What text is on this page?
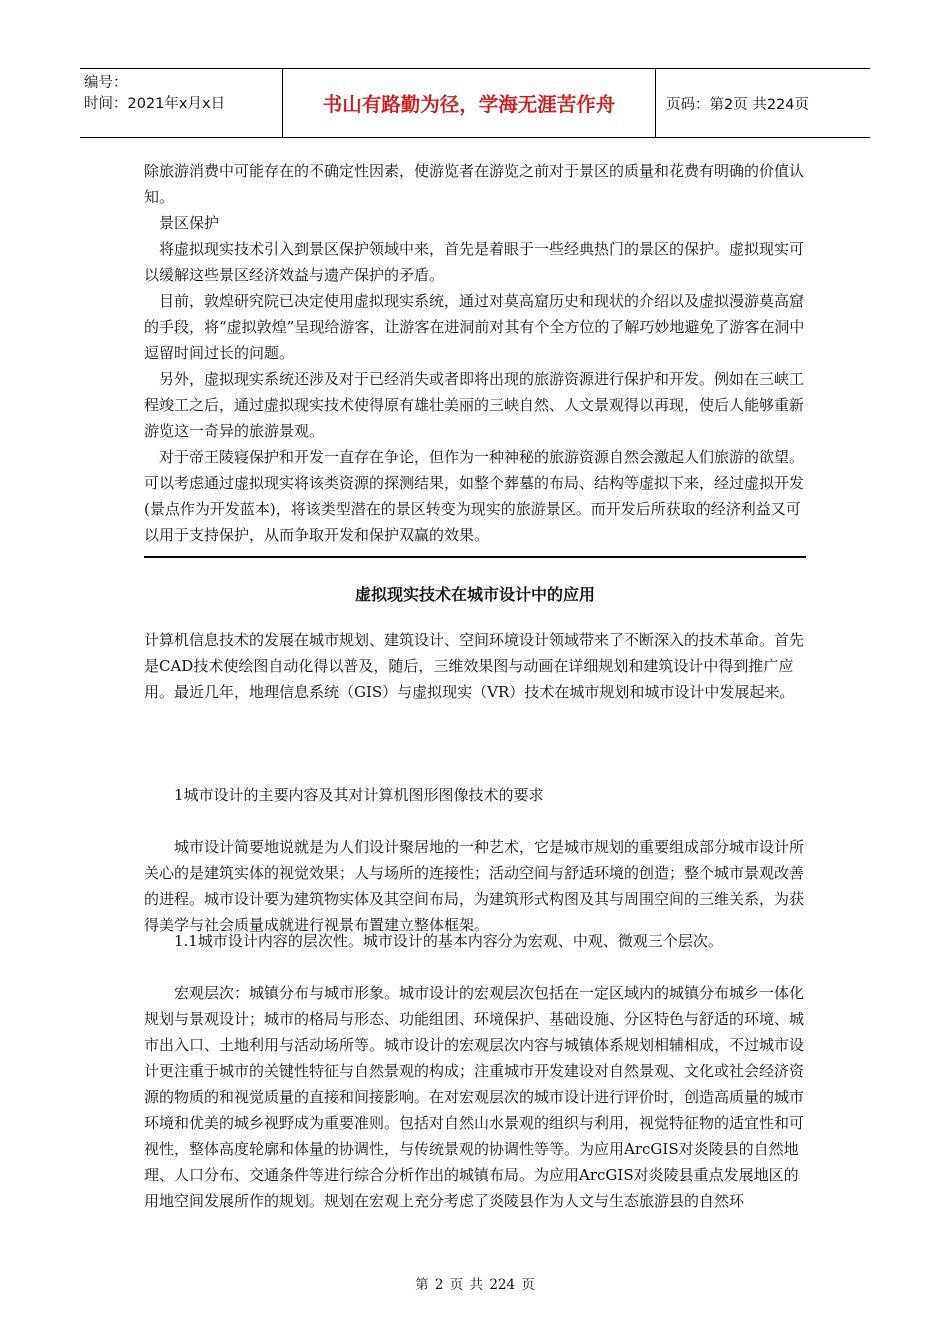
编号：
时间：2021年x月x日	书山有路勤为径，学海无涯苦作舟	页码：第2页 共224页

除旅游消费中可能存在的不确定性因素，使游览者在游览之前对于景区的质量和花费有明确的价值认知。

景区保护

将虚拟现实技术引入到景区保护领域中来，首先是着眼于一些经典热门的景区的保护。虚拟现实可以缓解这些景区经济效益与遗产保护的矛盾。

目前，敦煌研究院已决定使用虚拟现实系统，通过对莫高窟历史和现状的介绍以及虚拟漫游莫高窟的手段，将“虚拟敦煌”呈现给游客，让游客在进洞前对其有个全方位的了解巧妙地避免了游客在洞中逗留时间过长的问题。

另外，虚拟现实系统还涉及对于已经消失或者即将出现的旅游资源进行保护和开发。例如在三峡工程竣工之后，通过虚拟现实技术使得原有雄壮美丽的三峡自然、人文景观得以再现，使后人能够重新游览这一奇异的旅游景观。

对于帝王陵寝保护和开发一直存在争论，但作为一种神秘的旅游资源自然会激起人们旅游的欲望。可以考虑通过虚拟现实将该类资源的探测结果，如整个葬墓的布局、结构等虚拟下来，经过虚拟开发(景点作为开发蓝本)，将该类型潜在的景区转变为现实的旅游景区。而开发后所获取的经济利益又可以用于支持保护，从而争取开发和保护双赢的效果。

虚拟现实技术在城市设计中的应用

计算机信息技术的发展在城市规划、建筑设计、空间环境设计领域带来了不断深入的技术革命。首先是CAD技术使绘图自动化得以普及，随后，三维效果图与动画在详细规划和建筑设计中得到推广应用。最近几年，地理信息系统（GIS）与虚拟现实（VR）技术在城市规划和城市设计中发展起来。

1城市设计的主要内容及其对计算机图形图像技术的要求

城市设计简要地说就是为人们设计聚居地的一种艺术，它是城市规划的重要组成部分城市设计所关心的是建筑实体的视觉效果；人与场所的连接性；活动空间与舒适环境的创造；整个城市景观改善的进程。城市设计要为建筑物实体及其空间布局，为建筑形式构图及其与周围空间的三维关系，为获得美学与社会质量成就进行视景布置建立整体框架。

1.1城市设计内容的层次性。城市设计的基本内容分为宏观、中观、微观三个层次。

宏观层次：城镇分布与城市形象。城市设计的宏观层次包括在一定区域内的城镇分布城乡一体化规划与景观设计；城市的格局与形态、功能组团、环境保护、基础设施、分区特色与舒适的环境、城市出入口、土地利用与活动场所等。城市设计的宏观层次内容与城镇体系规划相辅相成，不过城市设计更注重于城市的关键性特征与自然景观的构成；注重城市开发建设对自然景观、文化或社会经济资源的物质的和视觉质量的直接和间接影响。在对宏观层次的城市设计进行评价时，创造高质量的城市环境和优美的城乡视野成为重要准则。包括对自然山水景观的组织与利用，视觉特征物的适宜性和可视性，整体高度轮廓和体量的协调性，与传统景观的协调性等等。为应用ArcGIS对炎陵县的自然地理、人口分布、交通条件等进行综合分析作出的城镇布局。为应用ArcGIS对炎陵县重点发展地区的用地空间发展所作的规划。规划在宏观上充分考虑了炎陵县作为人文与生态旅游县的自然环

第 2 页 共 224 页
